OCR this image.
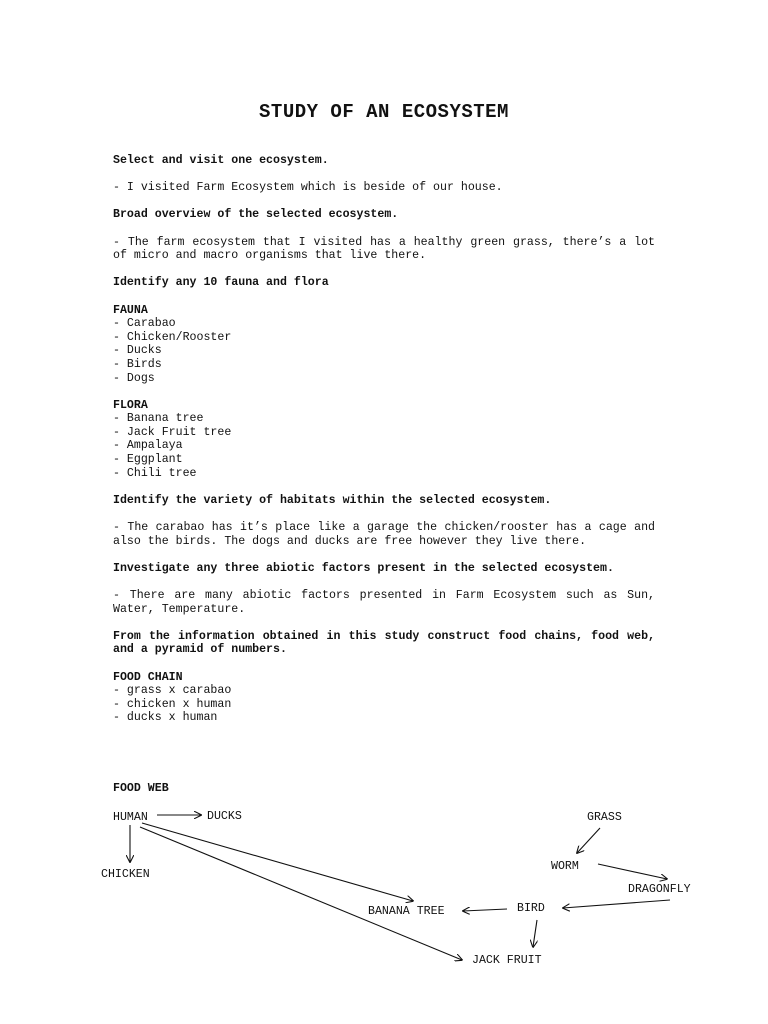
STUDY OF AN ECOSYSTEM

Select and visit one ecosystem.

- I visited Farm Ecosystem which is beside of our house.

Broad overview of the selected ecosystem.

- The farm ecosystem that I visited has a healthy green grass, there’s a lot of micro and macro organisms that live there.

Identify any 10 fauna and flora

FAUNA

- Carabao
- Chicken/Rooster
- Ducks
- Birds
- Dogs

FLORA

- Banana tree
- Jack Fruit tree
- Ampalaya
- Eggplant
- Chili tree

Identify the variety of habitats within the selected ecosystem.

- The carabao has it’s place like a garage the chicken/rooster has a cage and also the birds. The dogs and ducks are free however they live there.

Investigate any three abiotic factors present in the selected ecosystem.

- There are many abiotic factors presented in Farm Ecosystem such as Sun, Water, Temperature.

From the information obtained in this study construct food chains, food web, and a pyramid of numbers.

FOOD CHAIN

- grass x carabao
- chicken x human
- ducks x human

FOOD WEB

HUMAN	DUCKS
CHICKEN
BANANA TREE
JACK FRUIT
GRASS
WORM
DRAGONFLY
BIRD
